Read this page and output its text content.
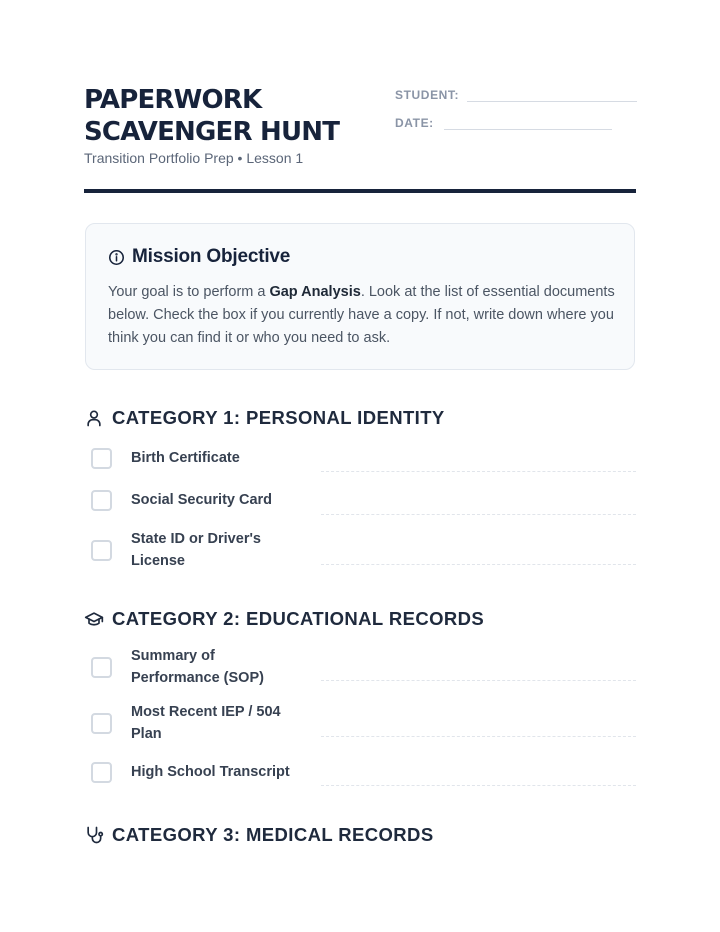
PAPERWORK
SCAVENGER HUNT
Transition Portfolio Prep • Lesson 1
STUDENT:
DATE:
Mission Objective

Your goal is to perform a Gap Analysis. Look at the list of essential documents below. Check the box if you currently have a copy. If not, write down where you think you can find it or who you need to ask.

CATEGORY 1: PERSONAL IDENTITY
Birth Certificate
Social Security Card
State ID or Driver's License
CATEGORY 2: EDUCATIONAL RECORDS
Summary of Performance (SOP)
Most Recent IEP / 504 Plan
High School Transcript
CATEGORY 3: MEDICAL RECORDS
